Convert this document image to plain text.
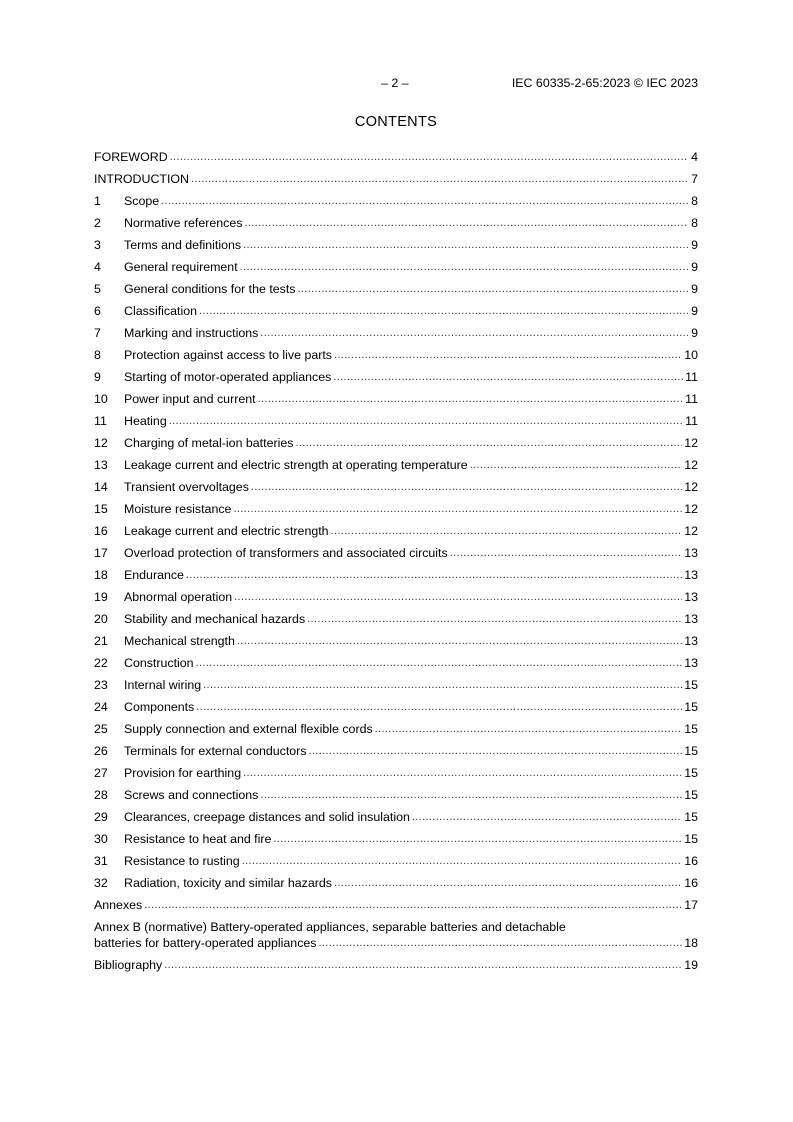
– 2 –	IEC 60335-2-65:2023 © IEC 2023
CONTENTS
FOREWORD .....	4
INTRODUCTION .....	7
1	Scope .....	8
2	Normative references .....	8
3	Terms and definitions .....	9
4	General requirement .....	9
5	General conditions for the tests .....	9
6	Classification .....	9
7	Marking and instructions .....	9
8	Protection against access to live parts .....	10
9	Starting of motor-operated appliances .....	11
10	Power input and current .....	11
11	Heating .....	11
12	Charging of metal-ion batteries .....	12
13	Leakage current and electric strength at operating temperature .....	12
14	Transient overvoltages .....	12
15	Moisture resistance .....	12
16	Leakage current and electric strength .....	12
17	Overload protection of transformers and associated circuits .....	13
18	Endurance .....	13
19	Abnormal operation .....	13
20	Stability and mechanical hazards .....	13
21	Mechanical strength .....	13
22	Construction .....	13
23	Internal wiring .....	15
24	Components .....	15
25	Supply connection and external flexible cords .....	15
26	Terminals for external conductors .....	15
27	Provision for earthing .....	15
28	Screws and connections .....	15
29	Clearances, creepage distances and solid insulation .....	15
30	Resistance to heat and fire .....	15
31	Resistance to rusting .....	16
32	Radiation, toxicity and similar hazards .....	16
Annexes .....	17
Annex B (normative) Battery-operated appliances, separable batteries and detachable
batteries for battery-operated appliances .....	18
Bibliography .....	19
